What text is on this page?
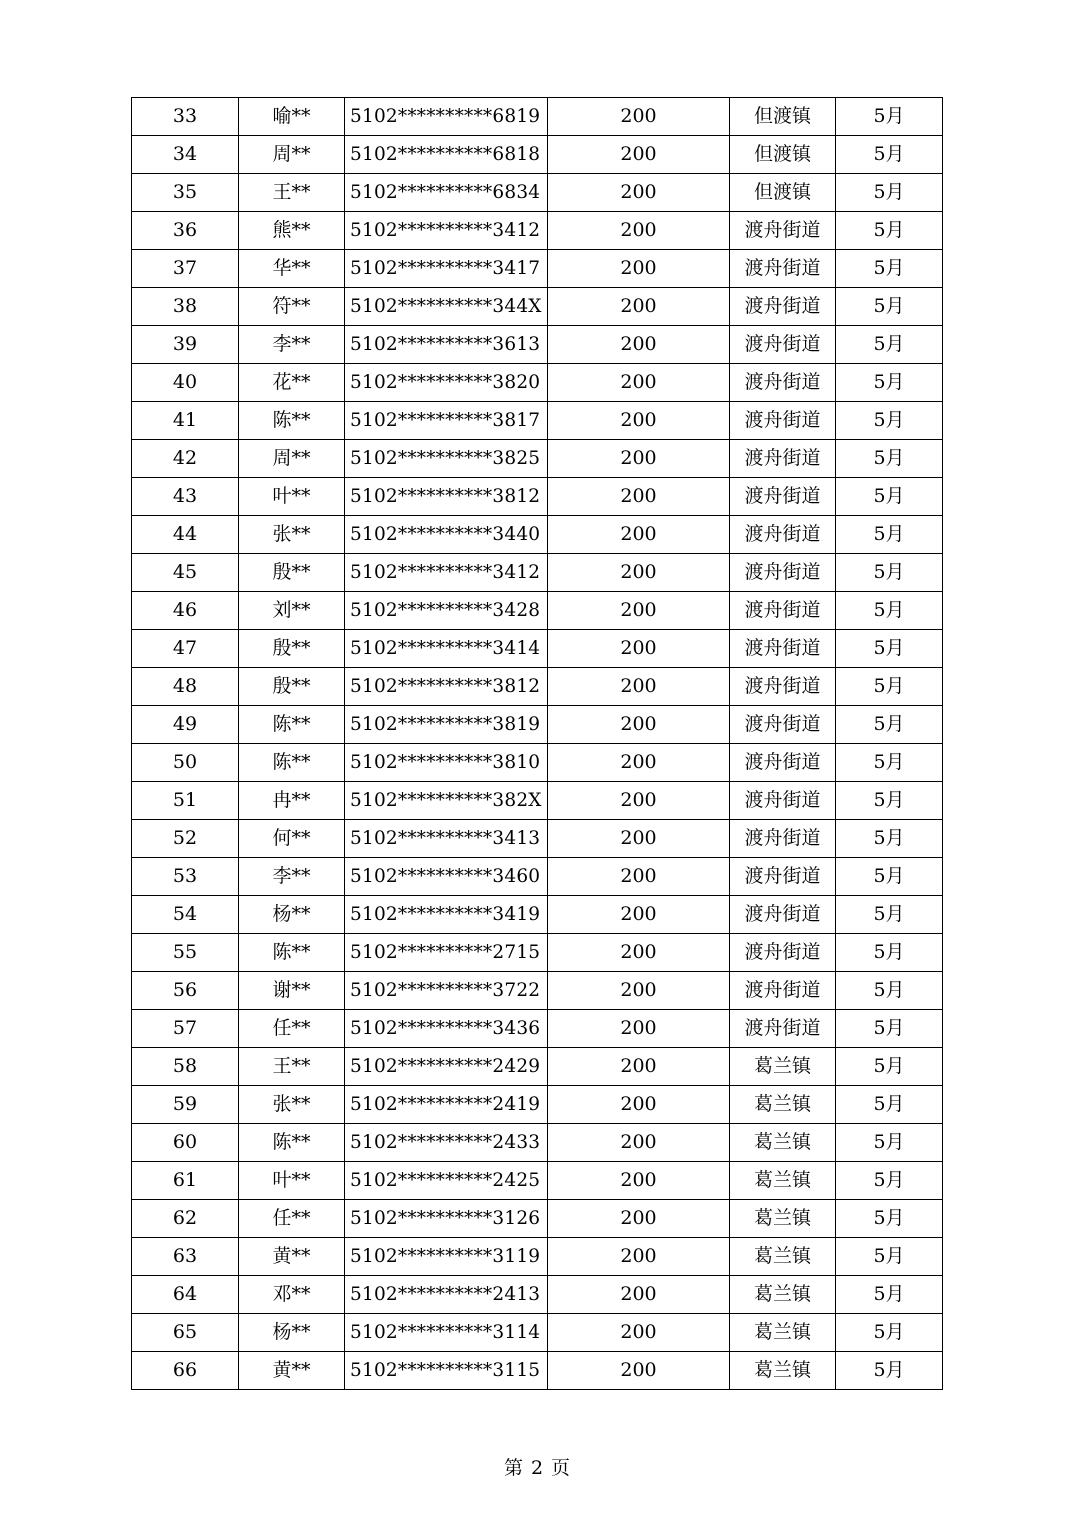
33	喻**	5102**********6819	200	但渡镇	5月
34	周**	5102**********6818	200	但渡镇	5月
35	王**	5102**********6834	200	但渡镇	5月
36	熊**	5102**********3412	200	渡舟街道	5月
37	华**	5102**********3417	200	渡舟街道	5月
38	符**	5102**********344X	200	渡舟街道	5月
39	李**	5102**********3613	200	渡舟街道	5月
40	花**	5102**********3820	200	渡舟街道	5月
41	陈**	5102**********3817	200	渡舟街道	5月
42	周**	5102**********3825	200	渡舟街道	5月
43	叶**	5102**********3812	200	渡舟街道	5月
44	张**	5102**********3440	200	渡舟街道	5月
45	殷**	5102**********3412	200	渡舟街道	5月
46	刘**	5102**********3428	200	渡舟街道	5月
47	殷**	5102**********3414	200	渡舟街道	5月
48	殷**	5102**********3812	200	渡舟街道	5月
49	陈**	5102**********3819	200	渡舟街道	5月
50	陈**	5102**********3810	200	渡舟街道	5月
51	冉**	5102**********382X	200	渡舟街道	5月
52	何**	5102**********3413	200	渡舟街道	5月
53	李**	5102**********3460	200	渡舟街道	5月
54	杨**	5102**********3419	200	渡舟街道	5月
55	陈**	5102**********2715	200	渡舟街道	5月
56	谢**	5102**********3722	200	渡舟街道	5月
57	任**	5102**********3436	200	渡舟街道	5月
58	王**	5102**********2429	200	葛兰镇	5月
59	张**	5102**********2419	200	葛兰镇	5月
60	陈**	5102**********2433	200	葛兰镇	5月
61	叶**	5102**********2425	200	葛兰镇	5月
62	任**	5102**********3126	200	葛兰镇	5月
63	黄**	5102**********3119	200	葛兰镇	5月
64	邓**	5102**********2413	200	葛兰镇	5月
65	杨**	5102**********3114	200	葛兰镇	5月
66	黄**	5102**********3115	200	葛兰镇	5月
第 2 页
